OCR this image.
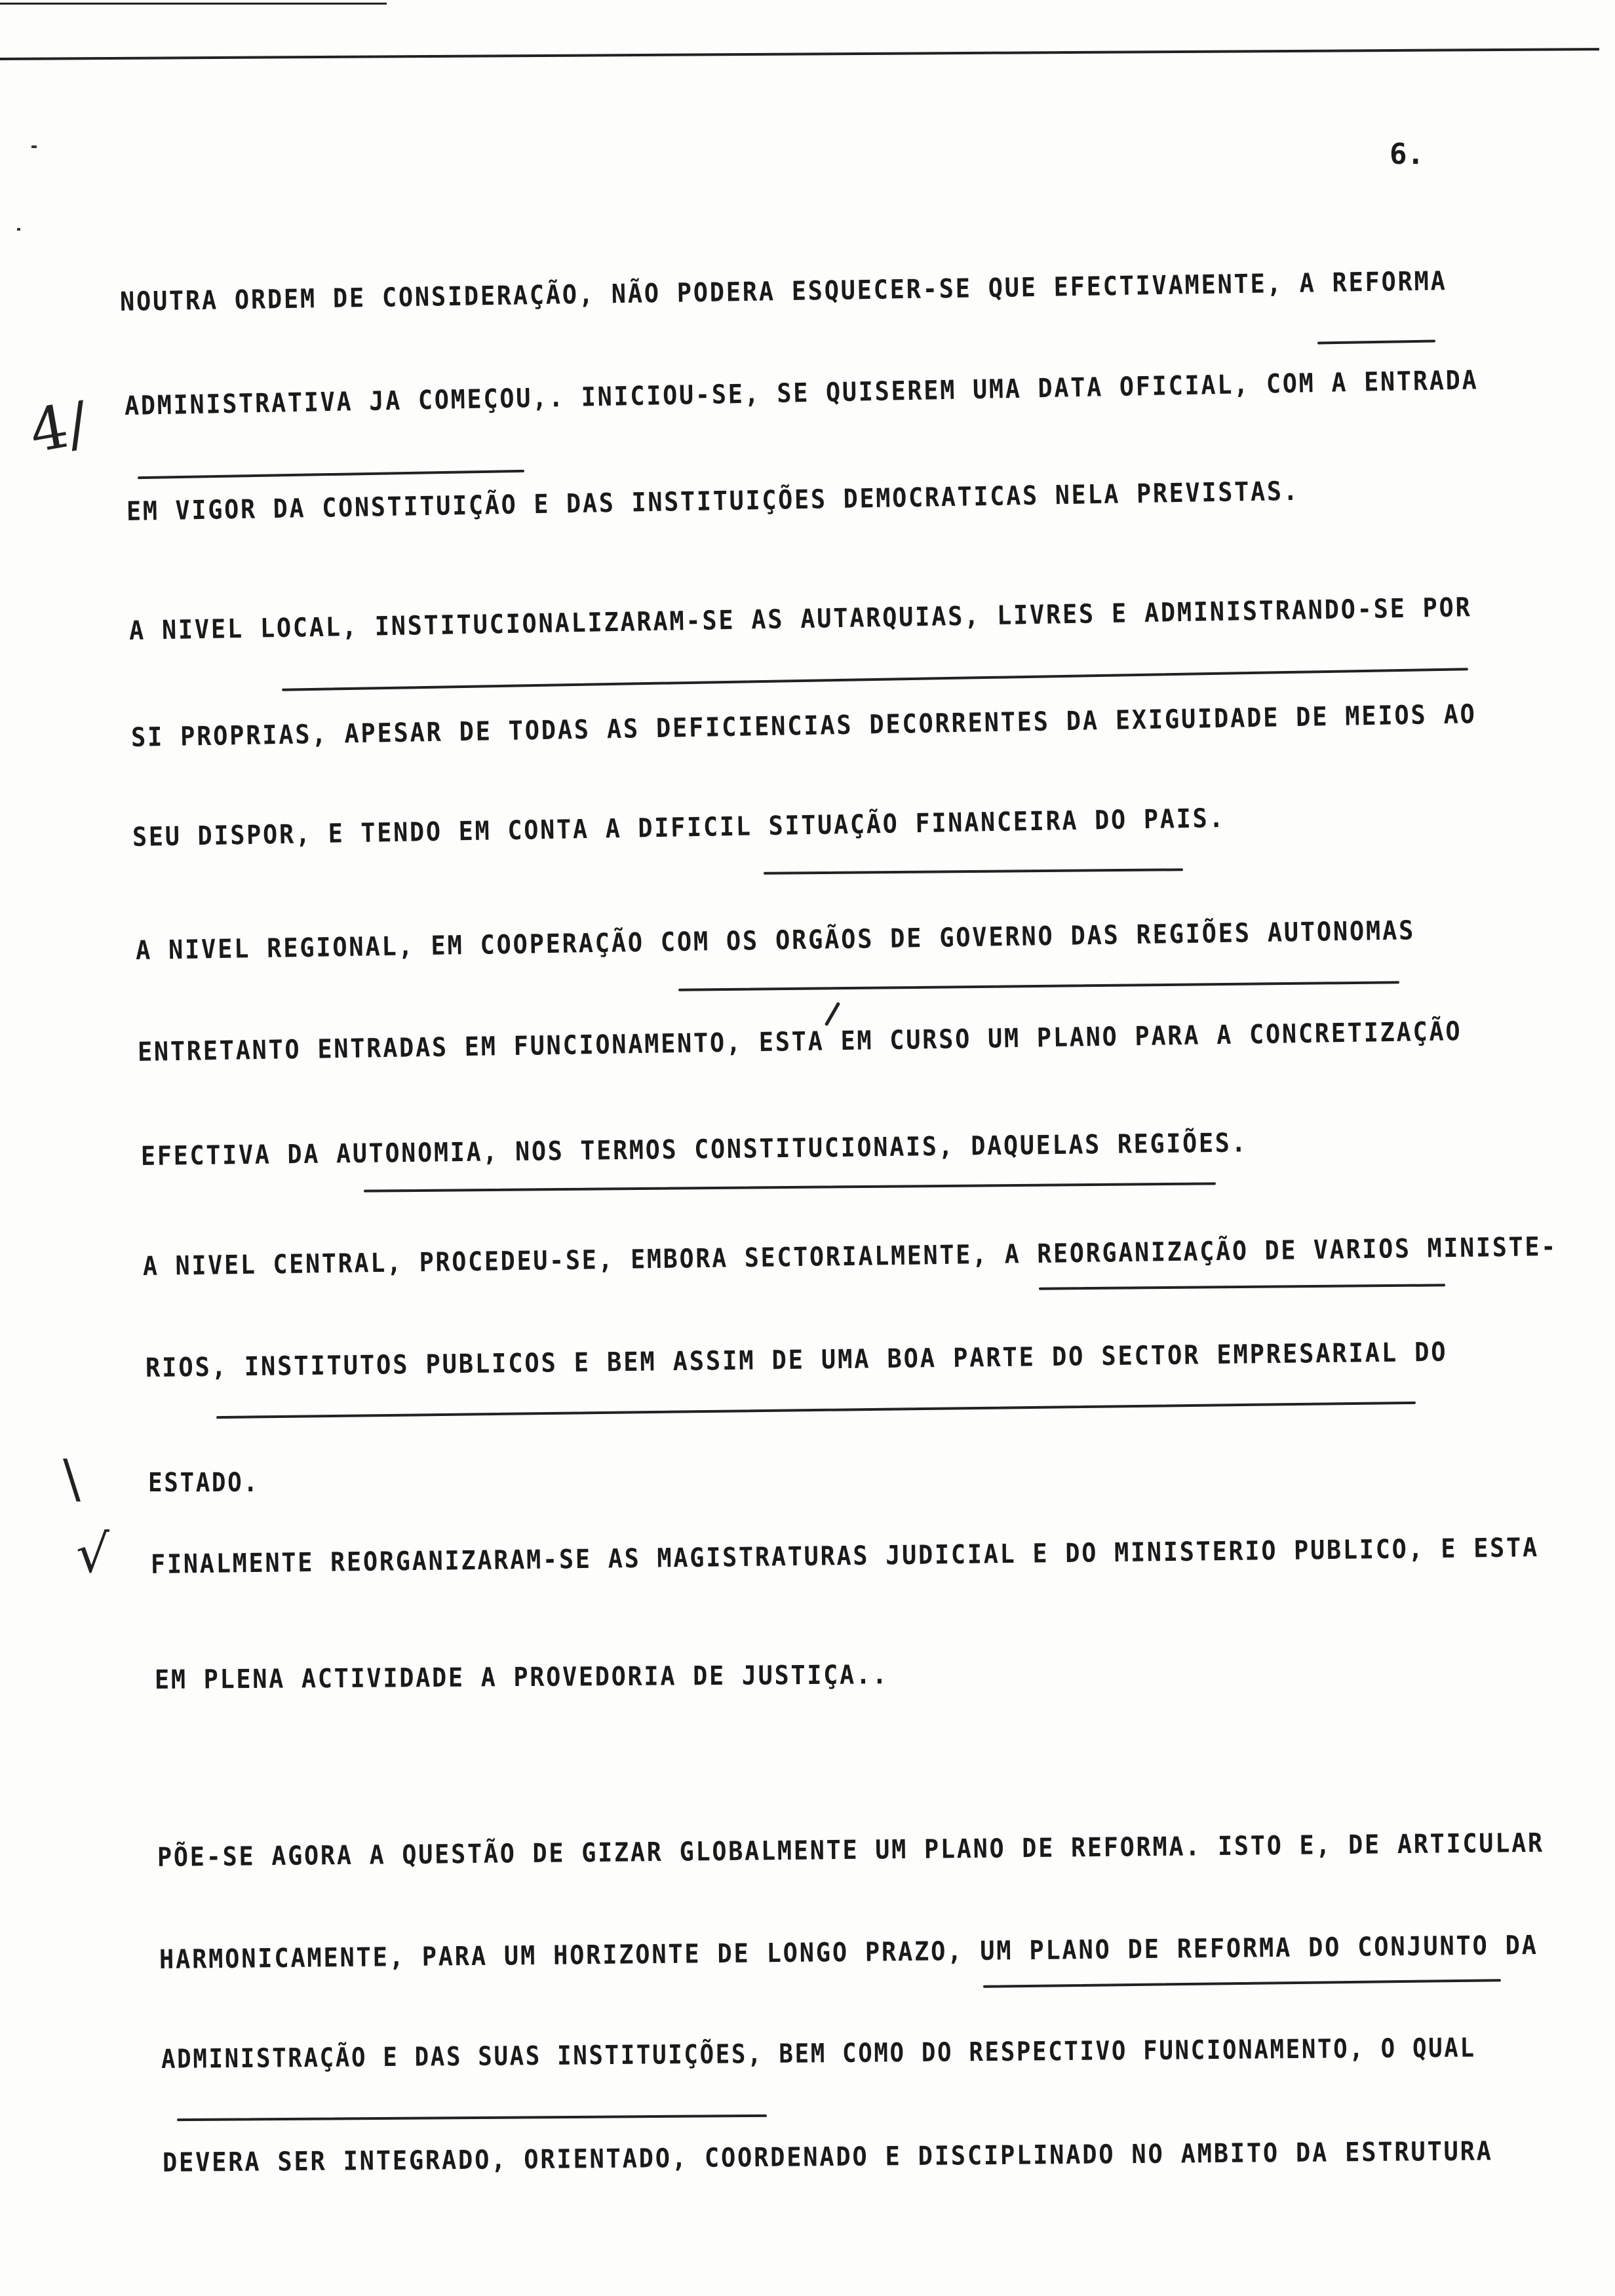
6.
4/
\
√
NOUTRA ORDEM DE CONSIDERAÇÃO, NÃO PODERA ESQUECER-SE QUE EFECTIVAMENTE, A REFORMA
ADMINISTRATIVA JA COMEÇOU,. INICIOU-SE, SE QUISEREM UMA DATA OFICIAL, COM A ENTRADA
EM VIGOR DA CONSTITUIÇÃO E DAS INSTITUIÇÕES DEMOCRATICAS NELA PREVISTAS.
A NIVEL LOCAL, INSTITUCIONALIZARAM-SE AS AUTARQUIAS, LIVRES E ADMINISTRANDO-SE POR
SI PROPRIAS, APESAR DE TODAS AS DEFICIENCIAS DECORRENTES DA EXIGUIDADE DE MEIOS AO
SEU DISPOR, E TENDO EM CONTA A DIFICIL SITUAÇÃO FINANCEIRA DO PAIS.
A NIVEL REGIONAL, EM COOPERAÇÃO COM OS ORGÃOS DE GOVERNO DAS REGIÕES AUTONOMAS
ENTRETANTO ENTRADAS EM FUNCIONAMENTO, ESTA EM CURSO UM PLANO PARA A CONCRETIZAÇÃO
EFECTIVA DA AUTONOMIA, NOS TERMOS CONSTITUCIONAIS, DAQUELAS REGIÕES.
A NIVEL CENTRAL, PROCEDEU-SE, EMBORA SECTORIALMENTE, A REORGANIZAÇÃO DE VARIOS MINISTE-
RIOS, INSTITUTOS PUBLICOS E BEM ASSIM DE UMA BOA PARTE DO SECTOR EMPRESARIAL DO
ESTADO.
FINALMENTE REORGANIZARAM-SE AS MAGISTRATURAS JUDICIAL E DO MINISTERIO PUBLICO, E ESTA
EM PLENA ACTIVIDADE A PROVEDORIA DE JUSTIÇA..
PÕE-SE AGORA A QUESTÃO DE GIZAR GLOBALMENTE UM PLANO DE REFORMA. ISTO E, DE ARTICULAR
HARMONICAMENTE, PARA UM HORIZONTE DE LONGO PRAZO, UM PLANO DE REFORMA DO CONJUNTO DA
ADMINISTRAÇÃO E DAS SUAS INSTITUIÇÕES, BEM COMO DO RESPECTIVO FUNCIONAMENTO, O QUAL
DEVERA SER INTEGRADO, ORIENTADO, COORDENADO E DISCIPLINADO NO AMBITO DA ESTRUTURA
